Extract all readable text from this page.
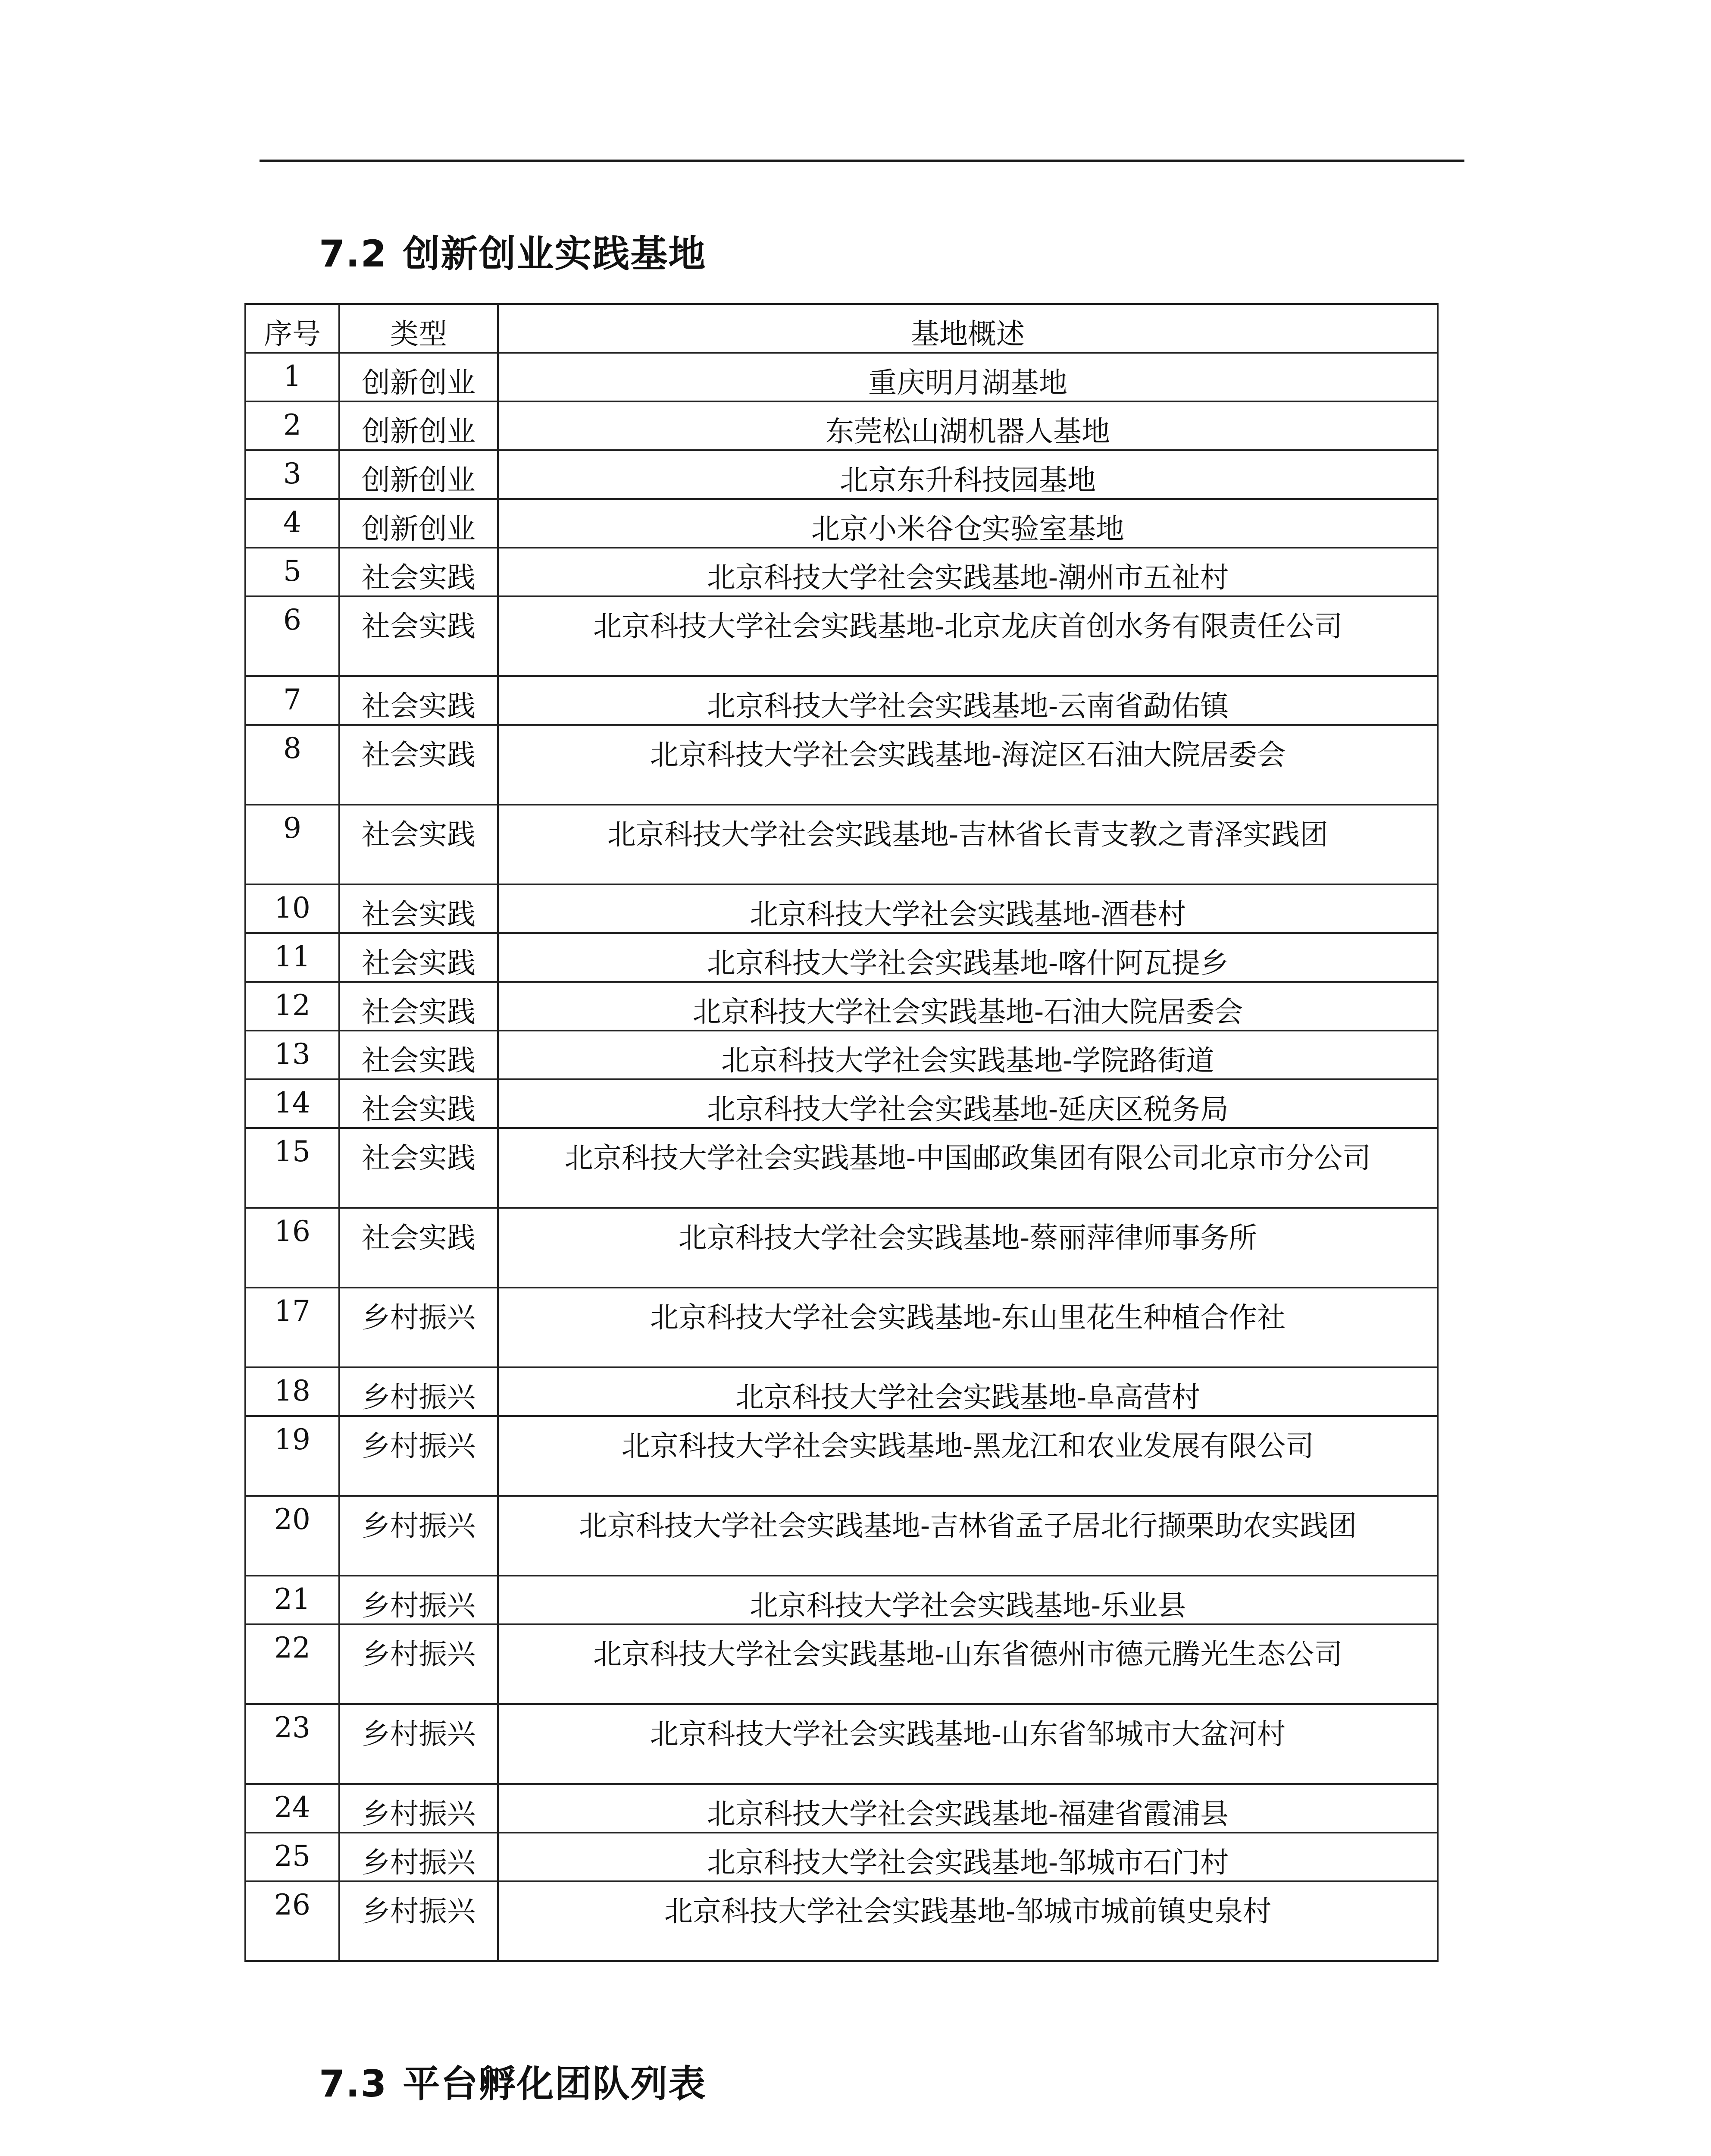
7.2 创新创业实践基地
序号	类型	基地概述
1	创新创业	重庆明月湖基地
2	创新创业	东莞松山湖机器人基地
3	创新创业	北京东升科技园基地
4	创新创业	北京小米谷仓实验室基地
5	社会实践	北京科技大学社会实践基地-潮州市五祉村
6	社会实践	北京科技大学社会实践基地-北京龙庆首创水务有限责任公司
7	社会实践	北京科技大学社会实践基地-云南省勐佑镇
8	社会实践	北京科技大学社会实践基地-海淀区石油大院居委会
9	社会实践	北京科技大学社会实践基地-吉林省长青支教之青泽实践团
10	社会实践	北京科技大学社会实践基地-酒巷村
11	社会实践	北京科技大学社会实践基地-喀什阿瓦提乡
12	社会实践	北京科技大学社会实践基地-石油大院居委会
13	社会实践	北京科技大学社会实践基地-学院路街道
14	社会实践	北京科技大学社会实践基地-延庆区税务局
15	社会实践	北京科技大学社会实践基地-中国邮政集团有限公司北京市分公司
16	社会实践	北京科技大学社会实践基地-蔡丽萍律师事务所
17	乡村振兴	北京科技大学社会实践基地-东山里花生种植合作社
18	乡村振兴	北京科技大学社会实践基地-阜高营村
19	乡村振兴	北京科技大学社会实践基地-黑龙江和农业发展有限公司
20	乡村振兴	北京科技大学社会实践基地-吉林省孟子居北行撷栗助农实践团
21	乡村振兴	北京科技大学社会实践基地-乐业县
22	乡村振兴	北京科技大学社会实践基地-山东省德州市德元腾光生态公司
23	乡村振兴	北京科技大学社会实践基地-山东省邹城市大盆河村
24	乡村振兴	北京科技大学社会实践基地-福建省霞浦县
25	乡村振兴	北京科技大学社会实践基地-邹城市石门村
26	乡村振兴	北京科技大学社会实践基地-邹城市城前镇史泉村
7.3 平台孵化团队列表
